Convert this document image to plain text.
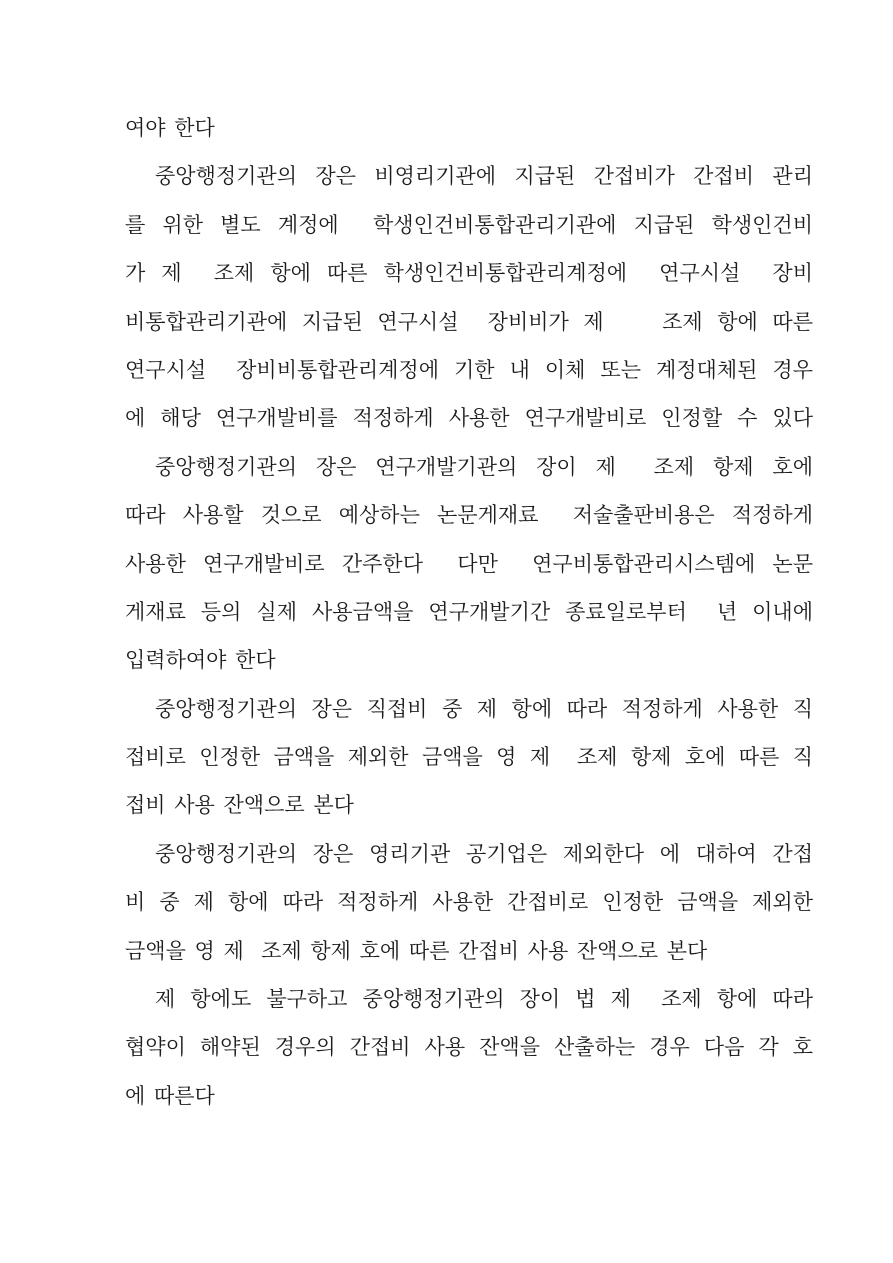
여야 한다
중앙행정기관의 장은 비영리기관에 지급된 간접비가 간접비 관리
를 위한 별도 계정에  학생인건비통합관리기관에 지급된 학생인건비
가 제  조제 항에 따른 학생인건비통합관리계정에  연구시설  장비
비통합관리기관에 지급된 연구시설  장비비가 제    조제 항에 따른
연구시설  장비비통합관리계정에 기한 내 이체 또는 계정대체된 경우
에 해당 연구개발비를 적정하게 사용한 연구개발비로 인정할 수 있다
중앙행정기관의 장은 연구개발기관의 장이 제  조제 항제 호에
따라 사용할 것으로 예상하는 논문게재료  저술출판비용은 적정하게
사용한 연구개발비로 간주한다  다만  연구비통합관리시스템에 논문
게재료 등의 실제 사용금액을 연구개발기간 종료일로부터  년 이내에
입력하여야 한다
중앙행정기관의 장은 직접비 중 제 항에 따라 적정하게 사용한 직
접비로 인정한 금액을 제외한 금액을 영 제  조제 항제 호에 따른 직
접비 사용 잔액으로 본다
중앙행정기관의 장은 영리기관 공기업은 제외한다 에 대하여 간접
비 중 제 항에 따라 적정하게 사용한 간접비로 인정한 금액을 제외한
금액을 영 제  조제 항제 호에 따른 간접비 사용 잔액으로 본다
제 항에도 불구하고 중앙행정기관의 장이 법 제  조제 항에 따라
협약이 해약된 경우의 간접비 사용 잔액을 산출하는 경우 다음 각 호
에 따른다
